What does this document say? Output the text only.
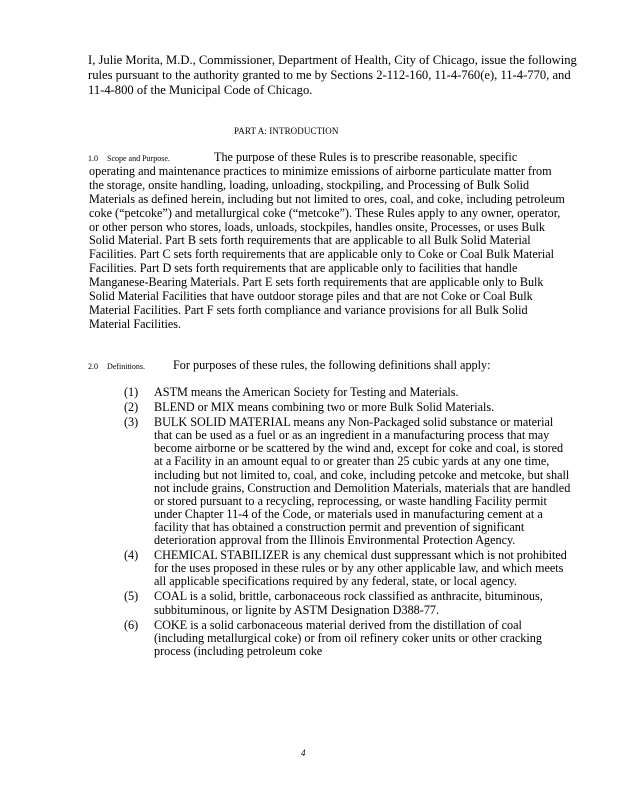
I, Julie Morita, M.D., Commissioner, Department of Health, City of Chicago, issue the following rules pursuant to the authority granted to me by Sections 2-112-160, 11-4-760(e), 11-4-770, and 11-4-800 of the Municipal Code of Chicago.

PART A: INTRODUCTION
1.0 Scope and Purpose.	The purpose of these Rules is to prescribe reasonable, specific
operating and maintenance practices to minimize emissions of airborne particulate matter from the storage, onsite handling, loading, unloading, stockpiling, and Processing of Bulk Solid Materials as defined herein, including but not limited to ores, coal, and coke, including petroleum coke (“petcoke”) and metallurgical coke (“metcoke”). These Rules apply to any owner, operator, or other person who stores, loads, unloads, stockpiles, handles onsite, Processes, or uses Bulk Solid Material. Part B sets forth requirements that are applicable to all Bulk Solid Material Facilities. Part C sets forth requirements that are applicable only to Coke or Coal Bulk Material Facilities. Part D sets forth requirements that are applicable only to facilities that handle Manganese-Bearing Materials. Part E sets forth requirements that are applicable only to Bulk Solid Material Facilities that have outdoor storage piles and that are not Coke or Coal Bulk Material Facilities. Part F sets forth compliance and variance provisions for all Bulk Solid Material Facilities.
2.0 Definitions. For purposes of these rules, the following definitions shall apply:
(1) ASTM means the American Society for Testing and Materials.
(2) BLEND or MIX means combining two or more Bulk Solid Materials.
(3) BULK SOLID MATERIAL means any Non-Packaged solid substance or material that can be used as a fuel or as an ingredient in a manufacturing process that may become airborne or be scattered by the wind and, except for coke and coal, is stored at a Facility in an amount equal to or greater than 25 cubic yards at any one time, including but not limited to, coal, and coke, including petcoke and metcoke, but shall not include grains, Construction and Demolition Materials, materials that are handled or stored pursuant to a recycling, reprocessing, or waste handling Facility permit under Chapter 11-4 of the Code, or materials used in manufacturing cement at a facility that has obtained a construction permit and prevention of significant deterioration approval from the Illinois Environmental Protection Agency.
(4) CHEMICAL STABILIZER is any chemical dust suppressant which is not prohibited for the uses proposed in these rules or by any other applicable law, and which meets all applicable specifications required by any federal, state, or local agency.
(5) COAL is a solid, brittle, carbonaceous rock classified as anthracite, bituminous, subbituminous, or lignite by ASTM Designation D388-77.
(6) COKE is a solid carbonaceous material derived from the distillation of coal (including metallurgical coke) or from oil refinery coker units or other cracking process (including petroleum coke
4
